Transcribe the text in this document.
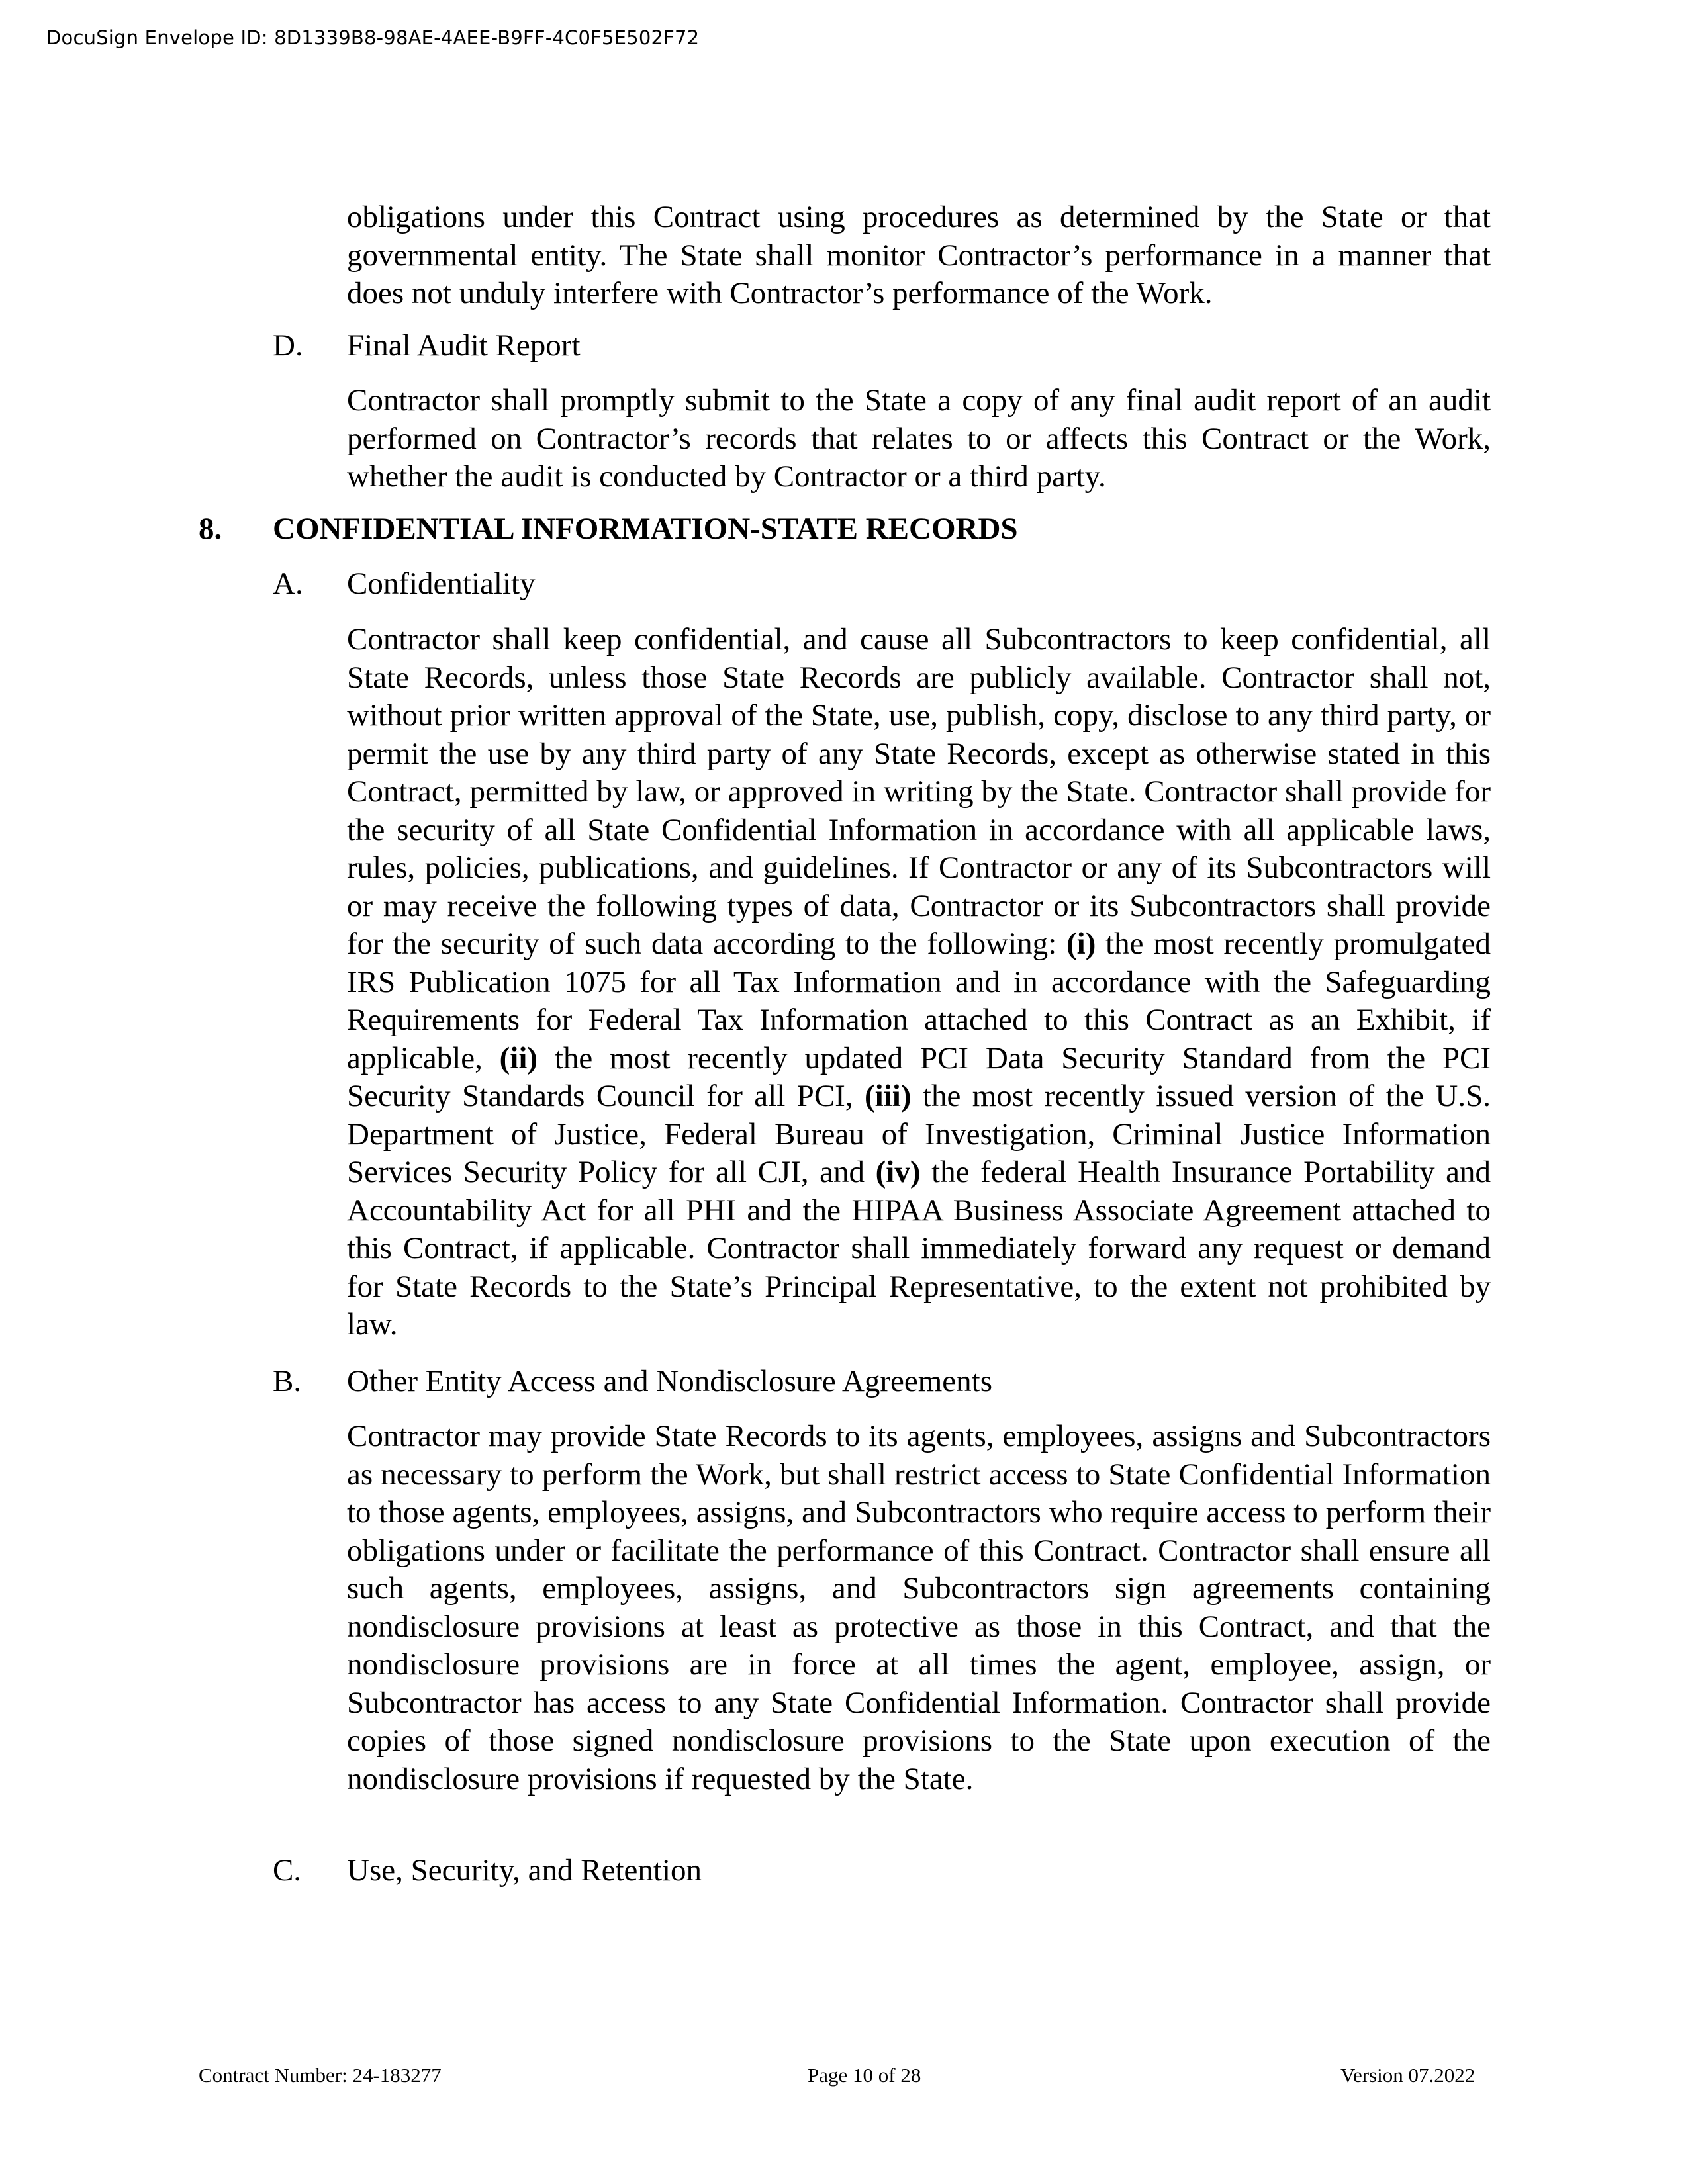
DocuSign Envelope ID: 8D1339B8-98AE-4AEE-B9FF-4C0F5E502F72

obligations under this Contract using procedures as determined by the State or that governmental entity. The State shall monitor Contractor’s performance in a manner that does not unduly interfere with Contractor’s performance of the Work.

D. Final Audit Report

Contractor shall promptly submit to the State a copy of any final audit report of an audit performed on Contractor’s records that relates to or affects this Contract or the Work, whether the audit is conducted by Contractor or a third party.

8. CONFIDENTIAL INFORMATION-STATE RECORDS
A. Confidentiality

Contractor shall keep confidential, and cause all Subcontractors to keep confidential, all State Records, unless those State Records are publicly available. Contractor shall not, without prior written approval of the State, use, publish, copy, disclose to any third party, or permit the use by any third party of any State Records, except as otherwise stated in this Contract, permitted by law, or approved in writing by the State. Contractor shall provide for the security of all State Confidential Information in accordance with all applicable laws, rules, policies, publications, and guidelines. If Contractor or any of its Subcontractors will or may receive the following types of data, Contractor or its Subcontractors shall provide for the security of such data according to the following: (i) the most recently promulgated IRS Publication 1075 for all Tax Information and in accordance with the Safeguarding Requirements for Federal Tax Information attached to this Contract as an Exhibit, if applicable, (ii) the most recently updated PCI Data Security Standard from the PCI Security Standards Council for all PCI, (iii) the most recently issued version of the U.S. Department of Justice, Federal Bureau of Investigation, Criminal Justice Information Services Security Policy for all CJI, and (iv) the federal Health Insurance Portability and Accountability Act for all PHI and the HIPAA Business Associate Agreement attached to this Contract, if applicable. Contractor shall immediately forward any request or demand for State Records to the State’s Principal Representative, to the extent not prohibited by law.

B. Other Entity Access and Nondisclosure Agreements

Contractor may provide State Records to its agents, employees, assigns and Subcontractors as necessary to perform the Work, but shall restrict access to State Confidential Information to those agents, employees, assigns, and Subcontractors who require access to perform their obligations under or facilitate the performance of this Contract. Contractor shall ensure all such agents, employees, assigns, and Subcontractors sign agreements containing nondisclosure provisions at least as protective as those in this Contract, and that the nondisclosure provisions are in force at all times the agent, employee, assign, or Subcontractor has access to any State Confidential Information. Contractor shall provide copies of those signed nondisclosure provisions to the State upon execution of the nondisclosure provisions if requested by the State.

C. Use, Security, and Retention
Contract Number: 24-183277	Page 10 of 28	Version 07.2022
